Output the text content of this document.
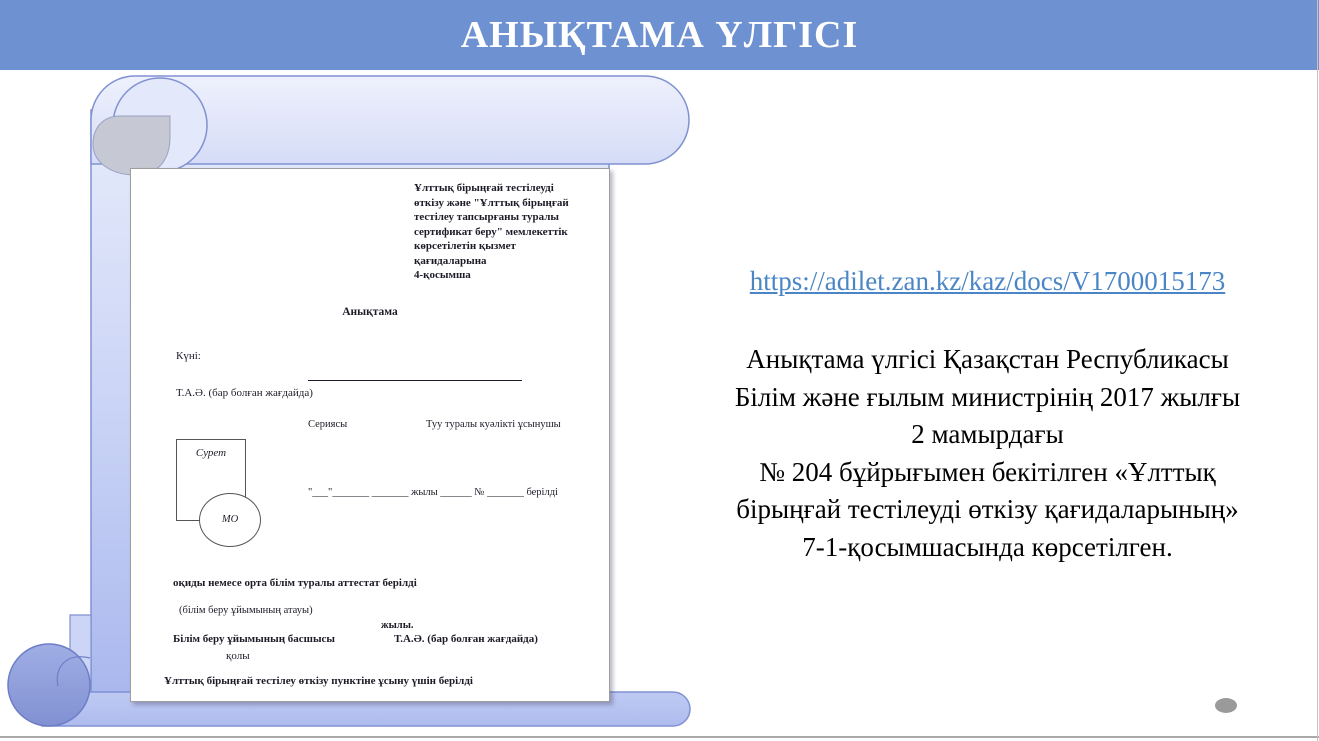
АНЫҚТАМА ҮЛГІСІ
Ұлттық бірыңғай тестілеуді
өткізу және "Ұлттық бірыңғай
тестілеу тапсырғаны туралы
сертификат беру" мемлекеттік
көрсетілетін қызмет
қағидаларына
4-қосымша
Анықтама
Күні:
Т.А.Ә. (бар болған жағдайда)
Сериясы	Туу туралы куәлікті ұсынушы
Сурет
МО
"___"_______ _______ жылы ______ № _______ берілді
оқиды немесе орта білім туралы аттестат берілді
(білім беру ұйымының атауы)
жылы.
Білім беру ұйымының басшысы	Т.А.Ә. (бар болған жағдайда)
қолы
Ұлттық бірыңғай тестілеу өткізу пунктіне ұсыну үшін берілді
https://adilet.zan.kz/kaz/docs/V1700015173
Анықтама үлгісі Қазақстан Республикасы
Білім және ғылым министрінің 2017 жылғы
2 мамырдағы
№ 204 бұйрығымен бекітілген «Ұлттық
бірыңғай тестілеуді өткізу қағидаларының»
7-1-қосымшасында көрсетілген.
